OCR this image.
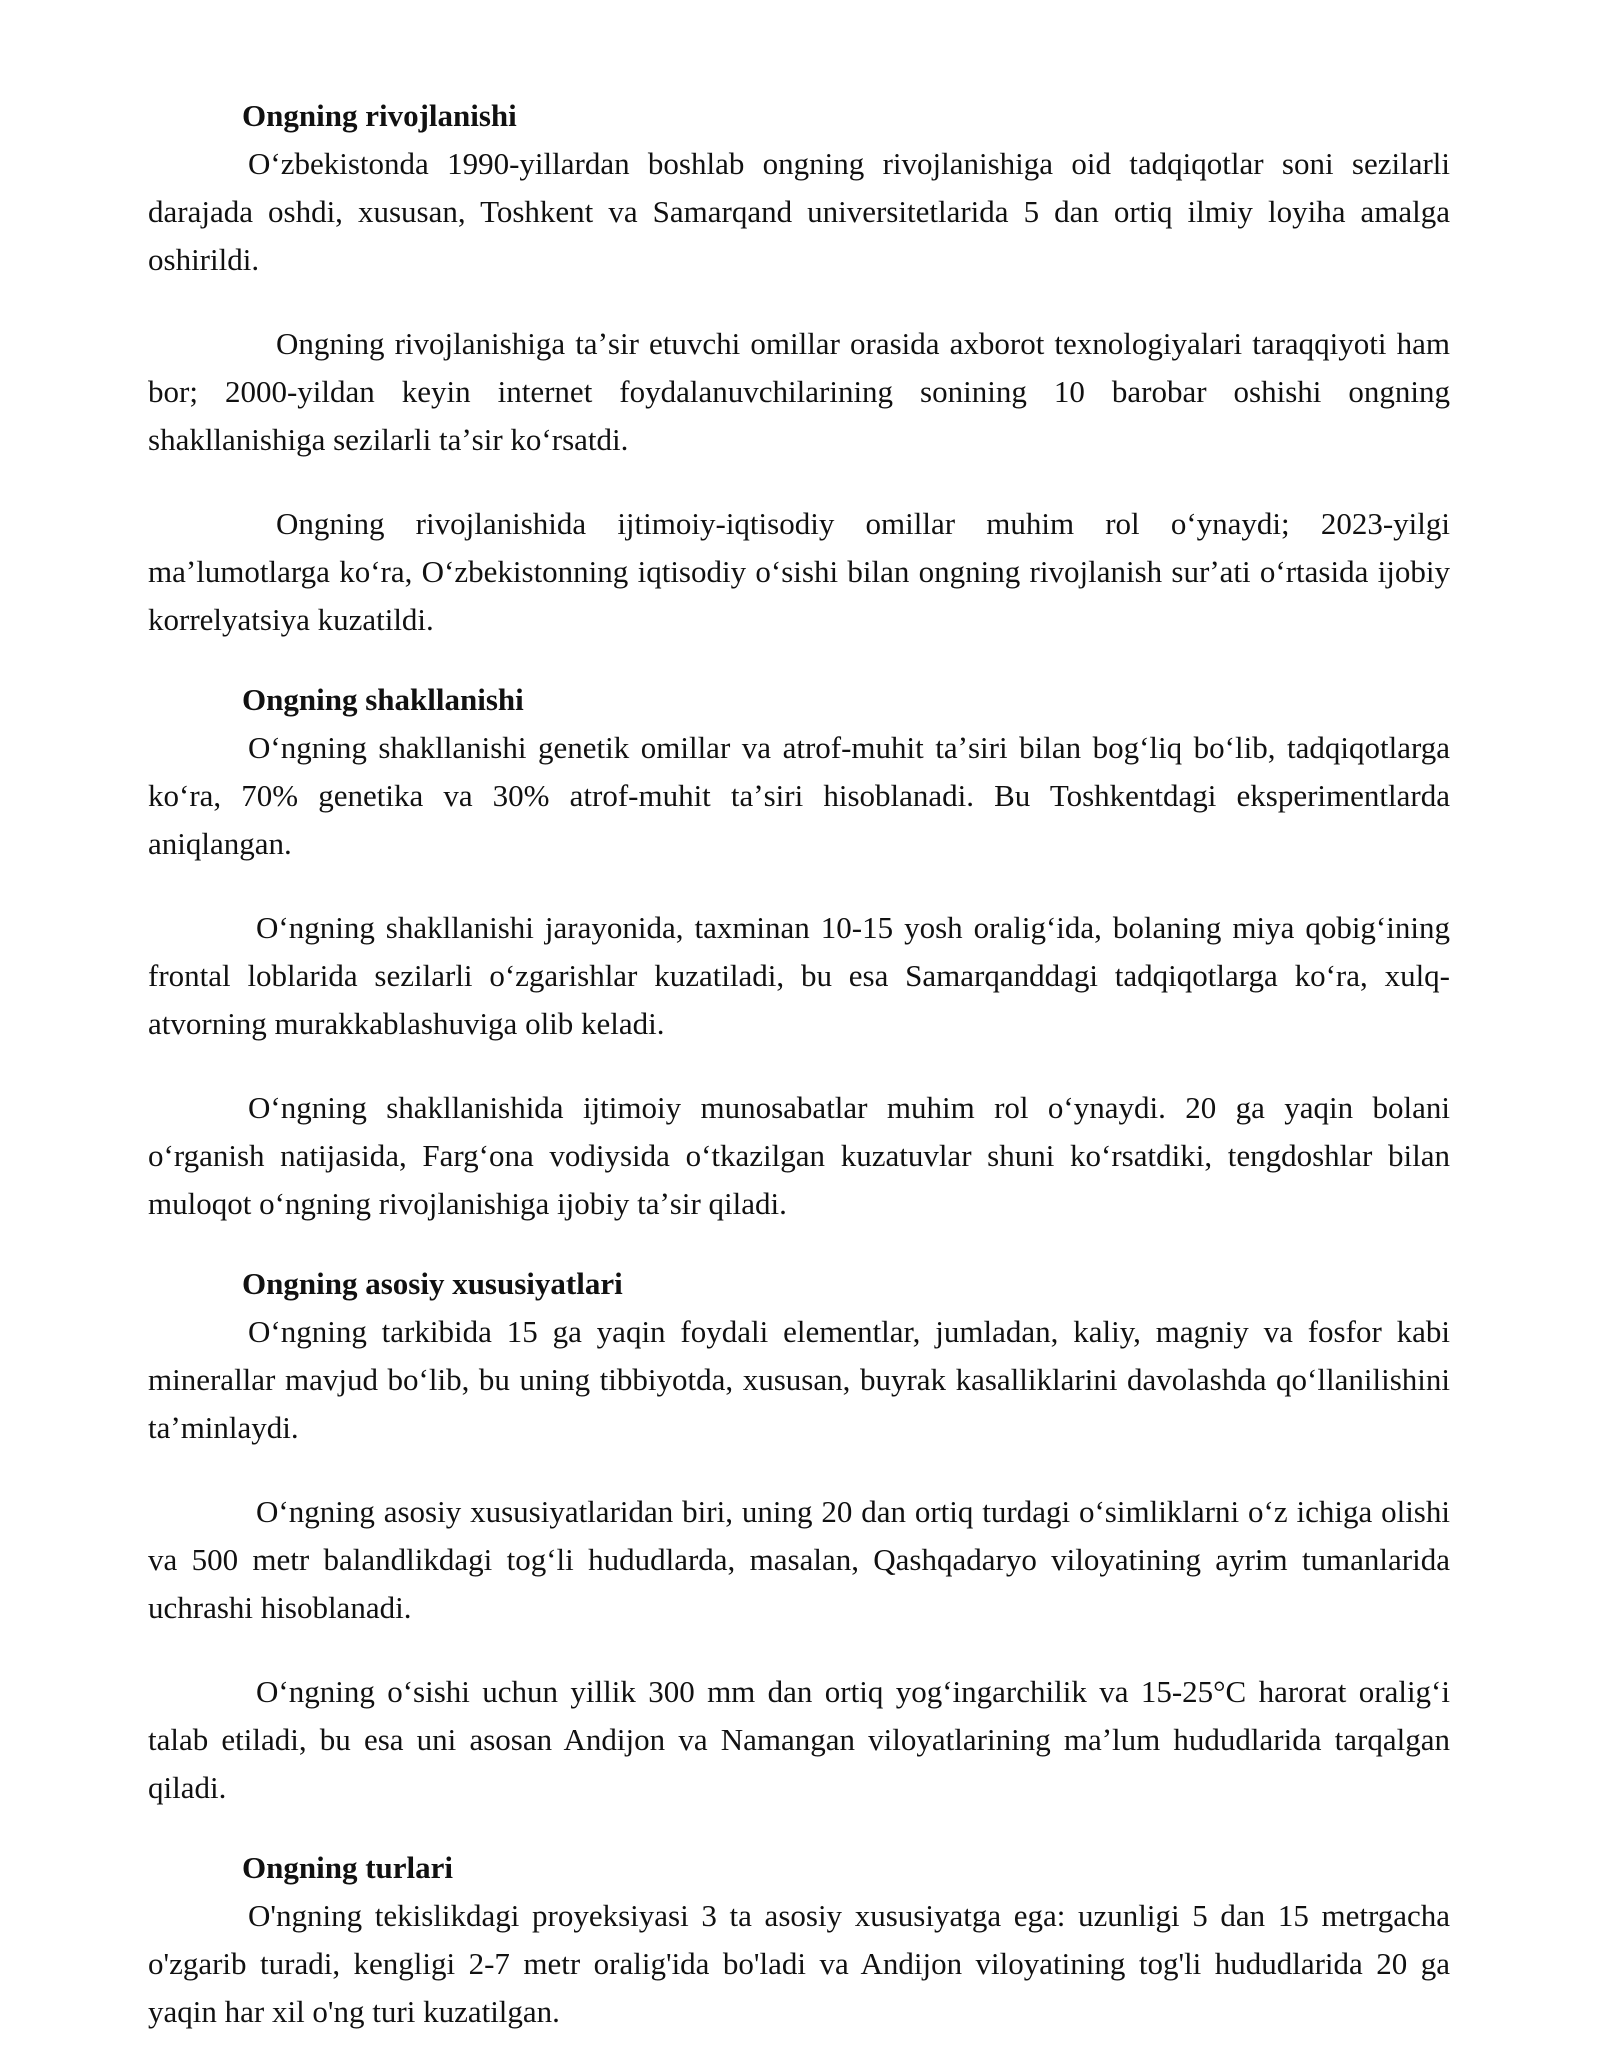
Ongning rivojlanishi

Oʻzbekistonda 1990-yillardan boshlab ongning rivojlanishiga oid tadqiqotlar soni sezilarli darajada oshdi, xususan, Toshkent va Samarqand universitetlarida 5 dan ortiq ilmiy loyiha amalga oshirildi.

Ongning rivojlanishiga taʼsir etuvchi omillar orasida axborot texnologiyalari taraqqiyoti ham bor; 2000-yildan keyin internet foydalanuvchilarining sonining 10 barobar oshishi ongning shakllanishiga sezilarli taʼsir koʻrsatdi.

Ongning rivojlanishida ijtimoiy-iqtisodiy omillar muhim rol oʻynaydi; 2023-yilgi maʼlumotlarga koʻra, Oʻzbekistonning iqtisodiy oʻsishi bilan ongning rivojlanish surʼati oʻrtasida ijobiy korrelyatsiya kuzatildi.

Ongning shakllanishi

Oʻngning shakllanishi genetik omillar va atrof-muhit taʼsiri bilan bogʻliq boʻlib, tadqiqotlarga koʻra, 70% genetika va 30% atrof-muhit taʼsiri hisoblanadi. Bu Toshkentdagi eksperimentlarda aniqlangan.

Oʻngning shakllanishi jarayonida, taxminan 10-15 yosh oraligʻida, bolaning miya qobigʻining frontal loblarida sezilarli oʻzgarishlar kuzatiladi, bu esa Samarqanddagi tadqiqotlarga koʻra, xulq-atvorning murakkablashuviga olib keladi.

Oʻngning shakllanishida ijtimoiy munosabatlar muhim rol oʻynaydi. 20 ga yaqin bolani oʻrganish natijasida, Fargʻona vodiysida oʻtkazilgan kuzatuvlar shuni koʻrsatdiki, tengdoshlar bilan muloqot oʻngning rivojlanishiga ijobiy taʼsir qiladi.

Ongning asosiy xususiyatlari

Oʻngning tarkibida 15 ga yaqin foydali elementlar, jumladan, kaliy, magniy va fosfor kabi minerallar mavjud boʻlib, bu uning tibbiyotda, xususan, buyrak kasalliklarini davolashda qoʻllanilishini taʼminlaydi.

Oʻngning asosiy xususiyatlaridan biri, uning 20 dan ortiq turdagi oʻsimliklarni oʻz ichiga olishi va 500 metr balandlikdagi togʻli hududlarda, masalan, Qashqadaryo viloyatining ayrim tumanlarida uchrashi hisoblanadi.

Oʻngning oʻsishi uchun yillik 300 mm dan ortiq yogʻingarchilik va 15-25°C harorat oraligʻi talab etiladi, bu esa uni asosan Andijon va Namangan viloyatlarining maʼlum hududlarida tarqalgan qiladi.

Ongning turlari

O'ngning tekislikdagi proyeksiyasi 3 ta asosiy xususiyatga ega: uzunligi 5 dan 15 metrgacha o'zgarib turadi, kengligi 2-7 metr oralig'ida bo'ladi va Andijon viloyatining tog'li hududlarida 20 ga yaqin har xil o'ng turi kuzatilgan.
